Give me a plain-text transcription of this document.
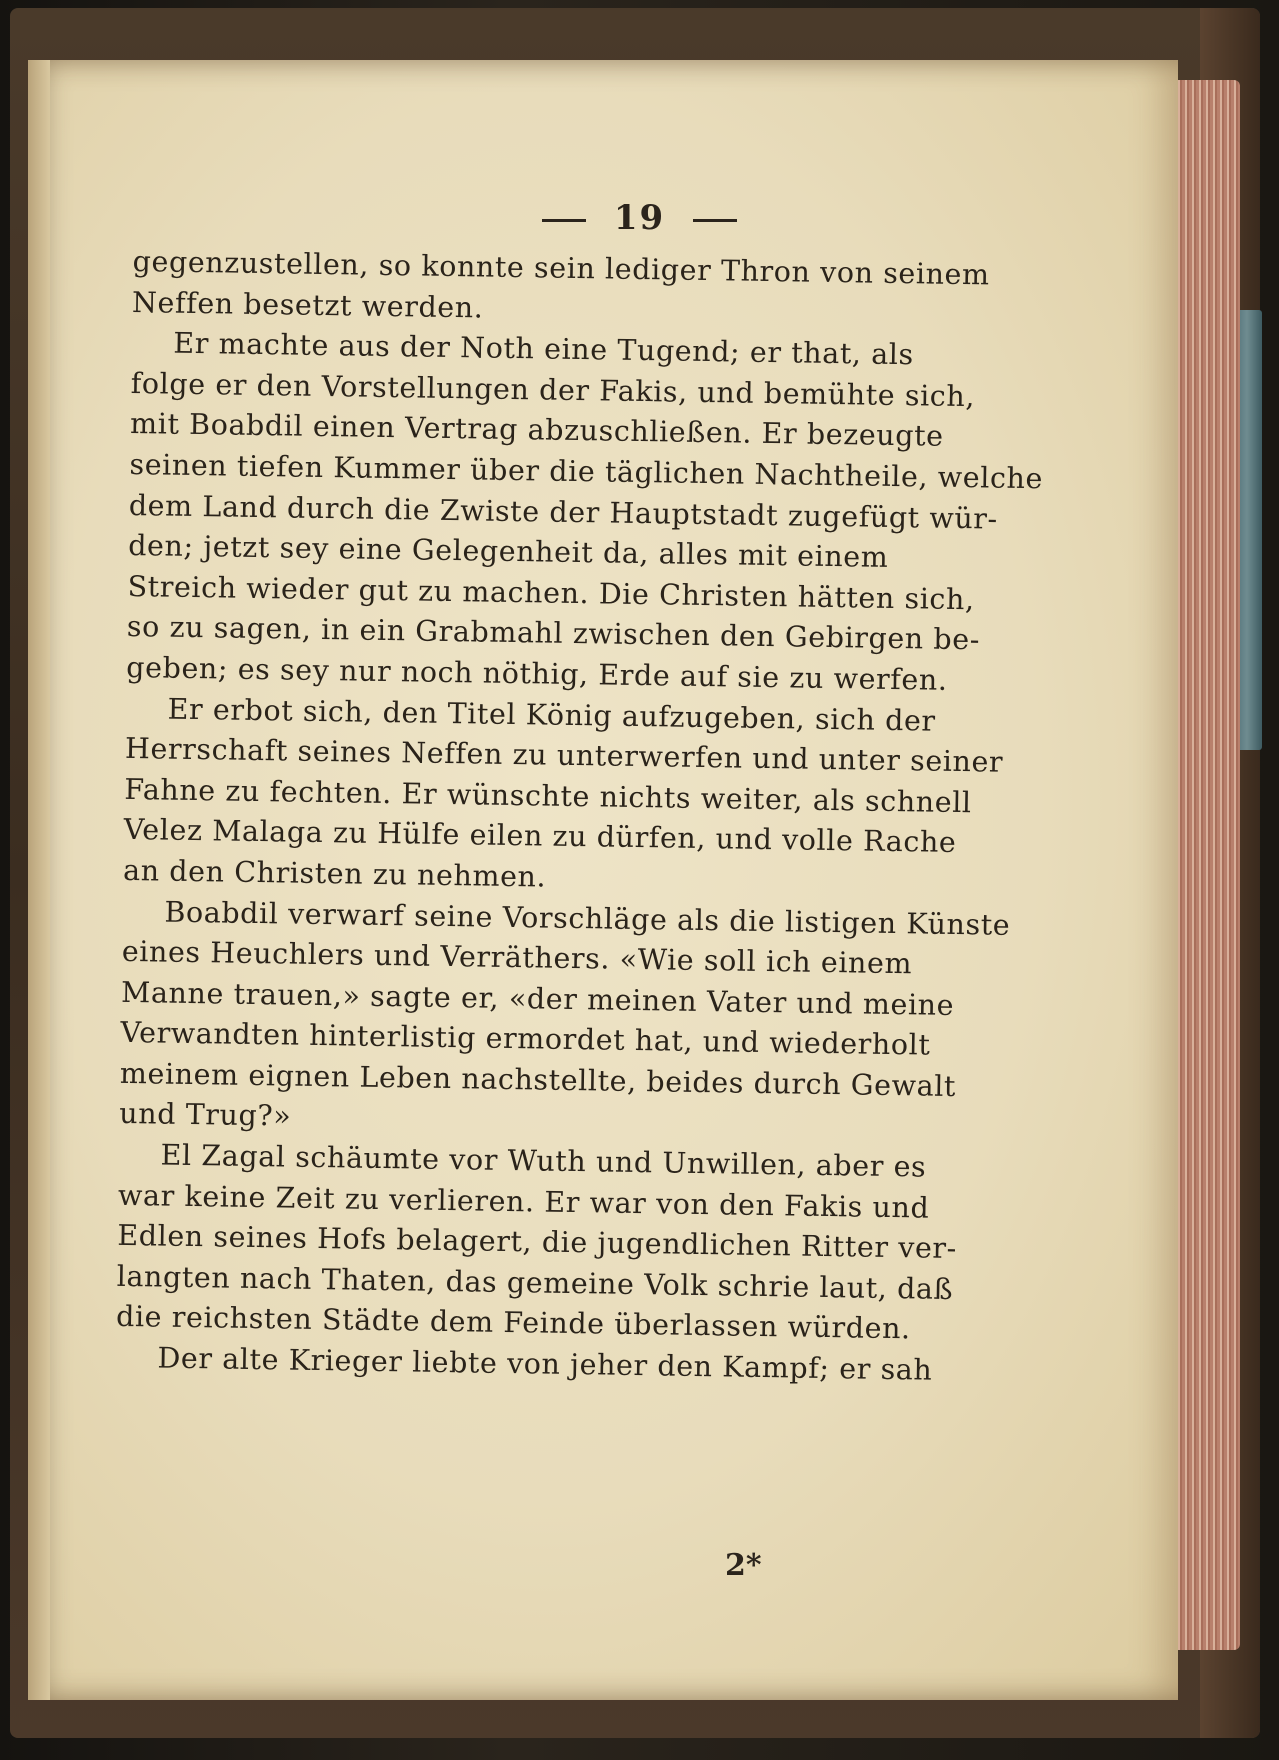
19
gegenzustellen, so konnte sein lediger Thron von seinem
Neffen besetzt werden.
Er machte aus der Noth eine Tugend; er that, als
folge er den Vorstellungen der Fakis, und bemühte sich,
mit Boabdil einen Vertrag abzuschließen. Er bezeugte
seinen tiefen Kummer über die täglichen Nachtheile, welche
dem Land durch die Zwiste der Hauptstadt zugefügt wür-
den; jetzt sey eine Gelegenheit da, alles mit einem
Streich wieder gut zu machen. Die Christen hätten sich,
so zu sagen, in ein Grabmahl zwischen den Gebirgen be-
geben; es sey nur noch nöthig, Erde auf sie zu werfen.
Er erbot sich, den Titel König aufzugeben, sich der
Herrschaft seines Neffen zu unterwerfen und unter seiner
Fahne zu fechten. Er wünschte nichts weiter, als schnell
Velez Malaga zu Hülfe eilen zu dürfen, und volle Rache
an den Christen zu nehmen.
Boabdil verwarf seine Vorschläge als die listigen Künste
eines Heuchlers und Verräthers. «Wie soll ich einem
Manne trauen,» sagte er, «der meinen Vater und meine
Verwandten hinterlistig ermordet hat, und wiederholt
meinem eignen Leben nachstellte, beides durch Gewalt
und Trug?»
El Zagal schäumte vor Wuth und Unwillen, aber es
war keine Zeit zu verlieren. Er war von den Fakis und
Edlen seines Hofs belagert, die jugendlichen Ritter ver-
langten nach Thaten, das gemeine Volk schrie laut, daß
die reichsten Städte dem Feinde überlassen würden.
Der alte Krieger liebte von jeher den Kampf; er sah
2*
